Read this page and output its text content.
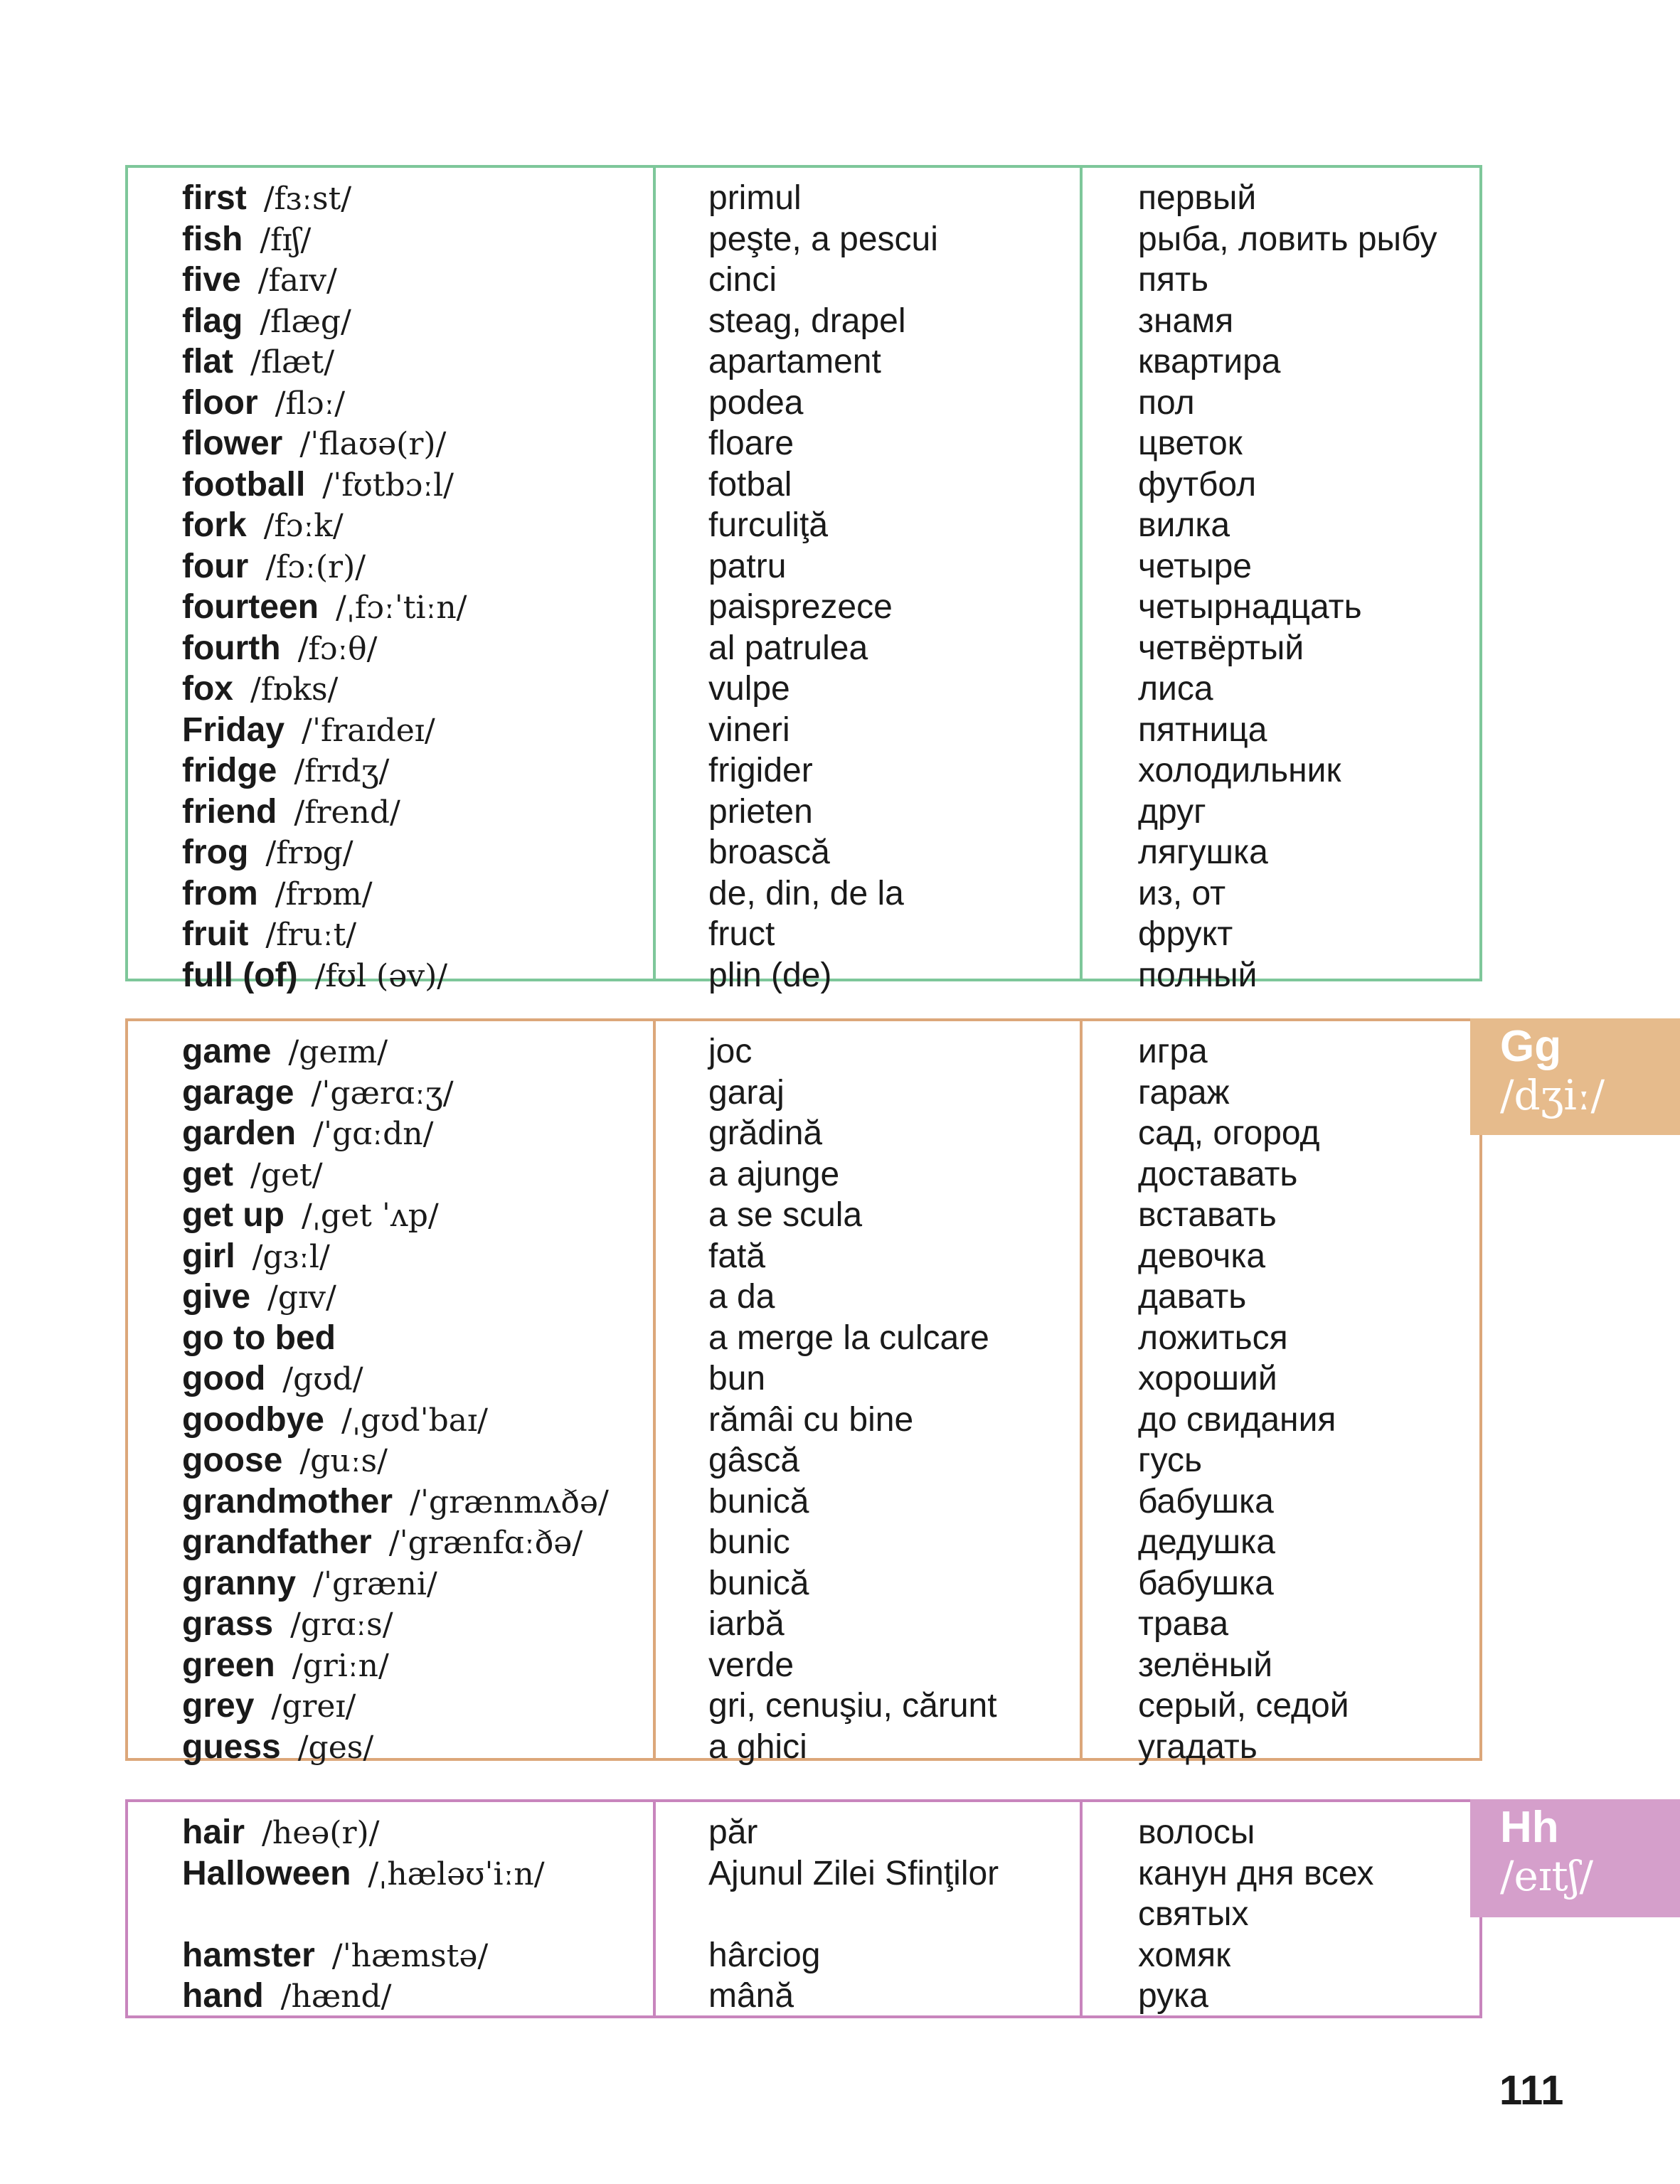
first /fɜːst/	primul	первый
fish /fɪʃ/	peşte, a pescui	рыба, ловить рыбу
five /faɪv/	cinci	пять
flag /flæg/	steag, drapel	знамя
flat /flæt/	apartament	квартира
floor /flɔː/	podea	пол
flower /ˈflaʊə(r)/	floare	цветок
football /ˈfʊtbɔːl/	fotbal	футбол
fork /fɔːk/	furculiţă	вилка
four /fɔː(r)/	patru	четыре
fourteen /ˌfɔːˈtiːn/	paisprezece	четырнадцать
fourth /fɔːθ/	al patrulea	четвёртый
fox /fɒks/	vulpe	лиса
Friday /ˈfraɪdeɪ/	vineri	пятница
fridge /frɪdʒ/	frigider	холодильник
friend /frend/	prieten	друг
frog /frɒg/	broască	лягушка
from /frɒm/	de, din, de la	из, от
fruit /fruːt/	fruct	фрукт
full (of) /fʊl (əv)/	plin (de)	полный
game /geɪm/	joc	игра
garage /ˈgærɑːʒ/	garaj	гараж
garden /ˈgɑːdn/	grădină	сад, огород
get /get/	a ajunge	доставать
get up /ˌget ˈʌp/	a se scula	вставать
girl /gɜːl/	fată	девочка
give /gɪv/	a da	давать
go to bed	a merge la culcare	ложиться
good /gʊd/	bun	хороший
goodbye /ˌgʊdˈbaɪ/	rămâi cu bine	до свидания
goose /guːs/	gâscă	гусь
grandmother /ˈgrænmʌðə/	bunică	бабушка
grandfather /ˈgrænfɑːðə/	bunic	дедушка
granny /ˈgræni/	bunică	бабушка
grass /grɑːs/	iarbă	трава
green /griːn/	verde	зелёный
grey /greɪ/	gri, cenuşiu, cărunt	серый, седой
guess /ges/	a ghici	угадать
Gg
/dʒiː/
hair /heə(r)/	păr	волосы
Halloween /ˌhæləʊˈiːn/	Ajunul Zilei Sfinţilor	канун дня всех
святых
hamster /ˈhæmstə/	hârciog	хомяк
hand /hænd/	mână	рука
Hh
/eɪtʃ/
111
